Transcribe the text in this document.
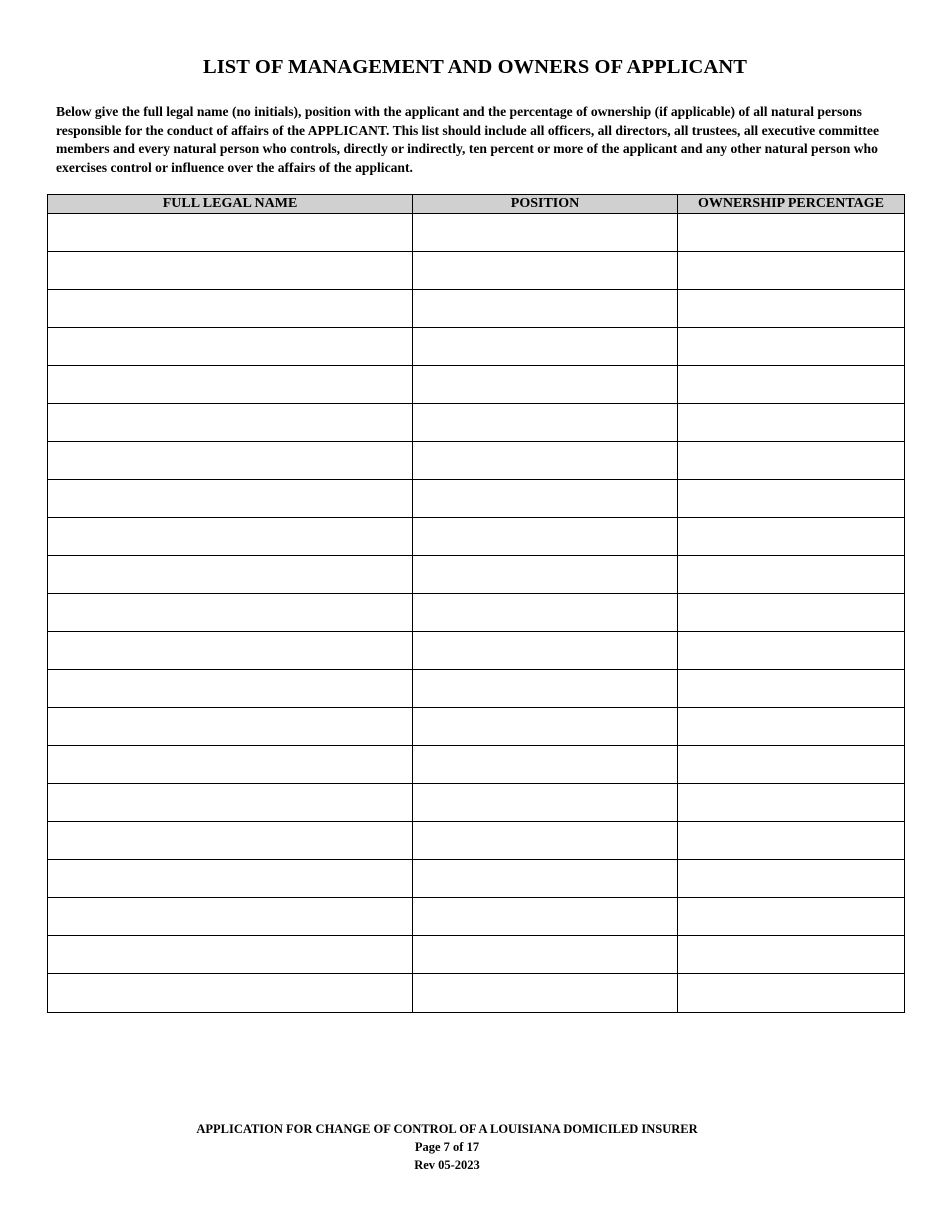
LIST OF MANAGEMENT AND OWNERS OF APPLICANT

Below give the full legal name (no initials), position with the applicant and the percentage of ownership (if applicable) of all natural persons responsible for the conduct of affairs of the APPLICANT. This list should include all officers, all directors, all trustees, all executive committee members and every natural person who controls, directly or indirectly, ten percent or more of the applicant and any other natural person who exercises control or influence over the affairs of the applicant.

FULL LEGAL NAME	POSITION	OWNERSHIP PERCENTAGE

APPLICATION FOR CHANGE OF CONTROL OF A LOUISIANA DOMICILED INSURER
Page 7 of 17
Rev 05-2023
